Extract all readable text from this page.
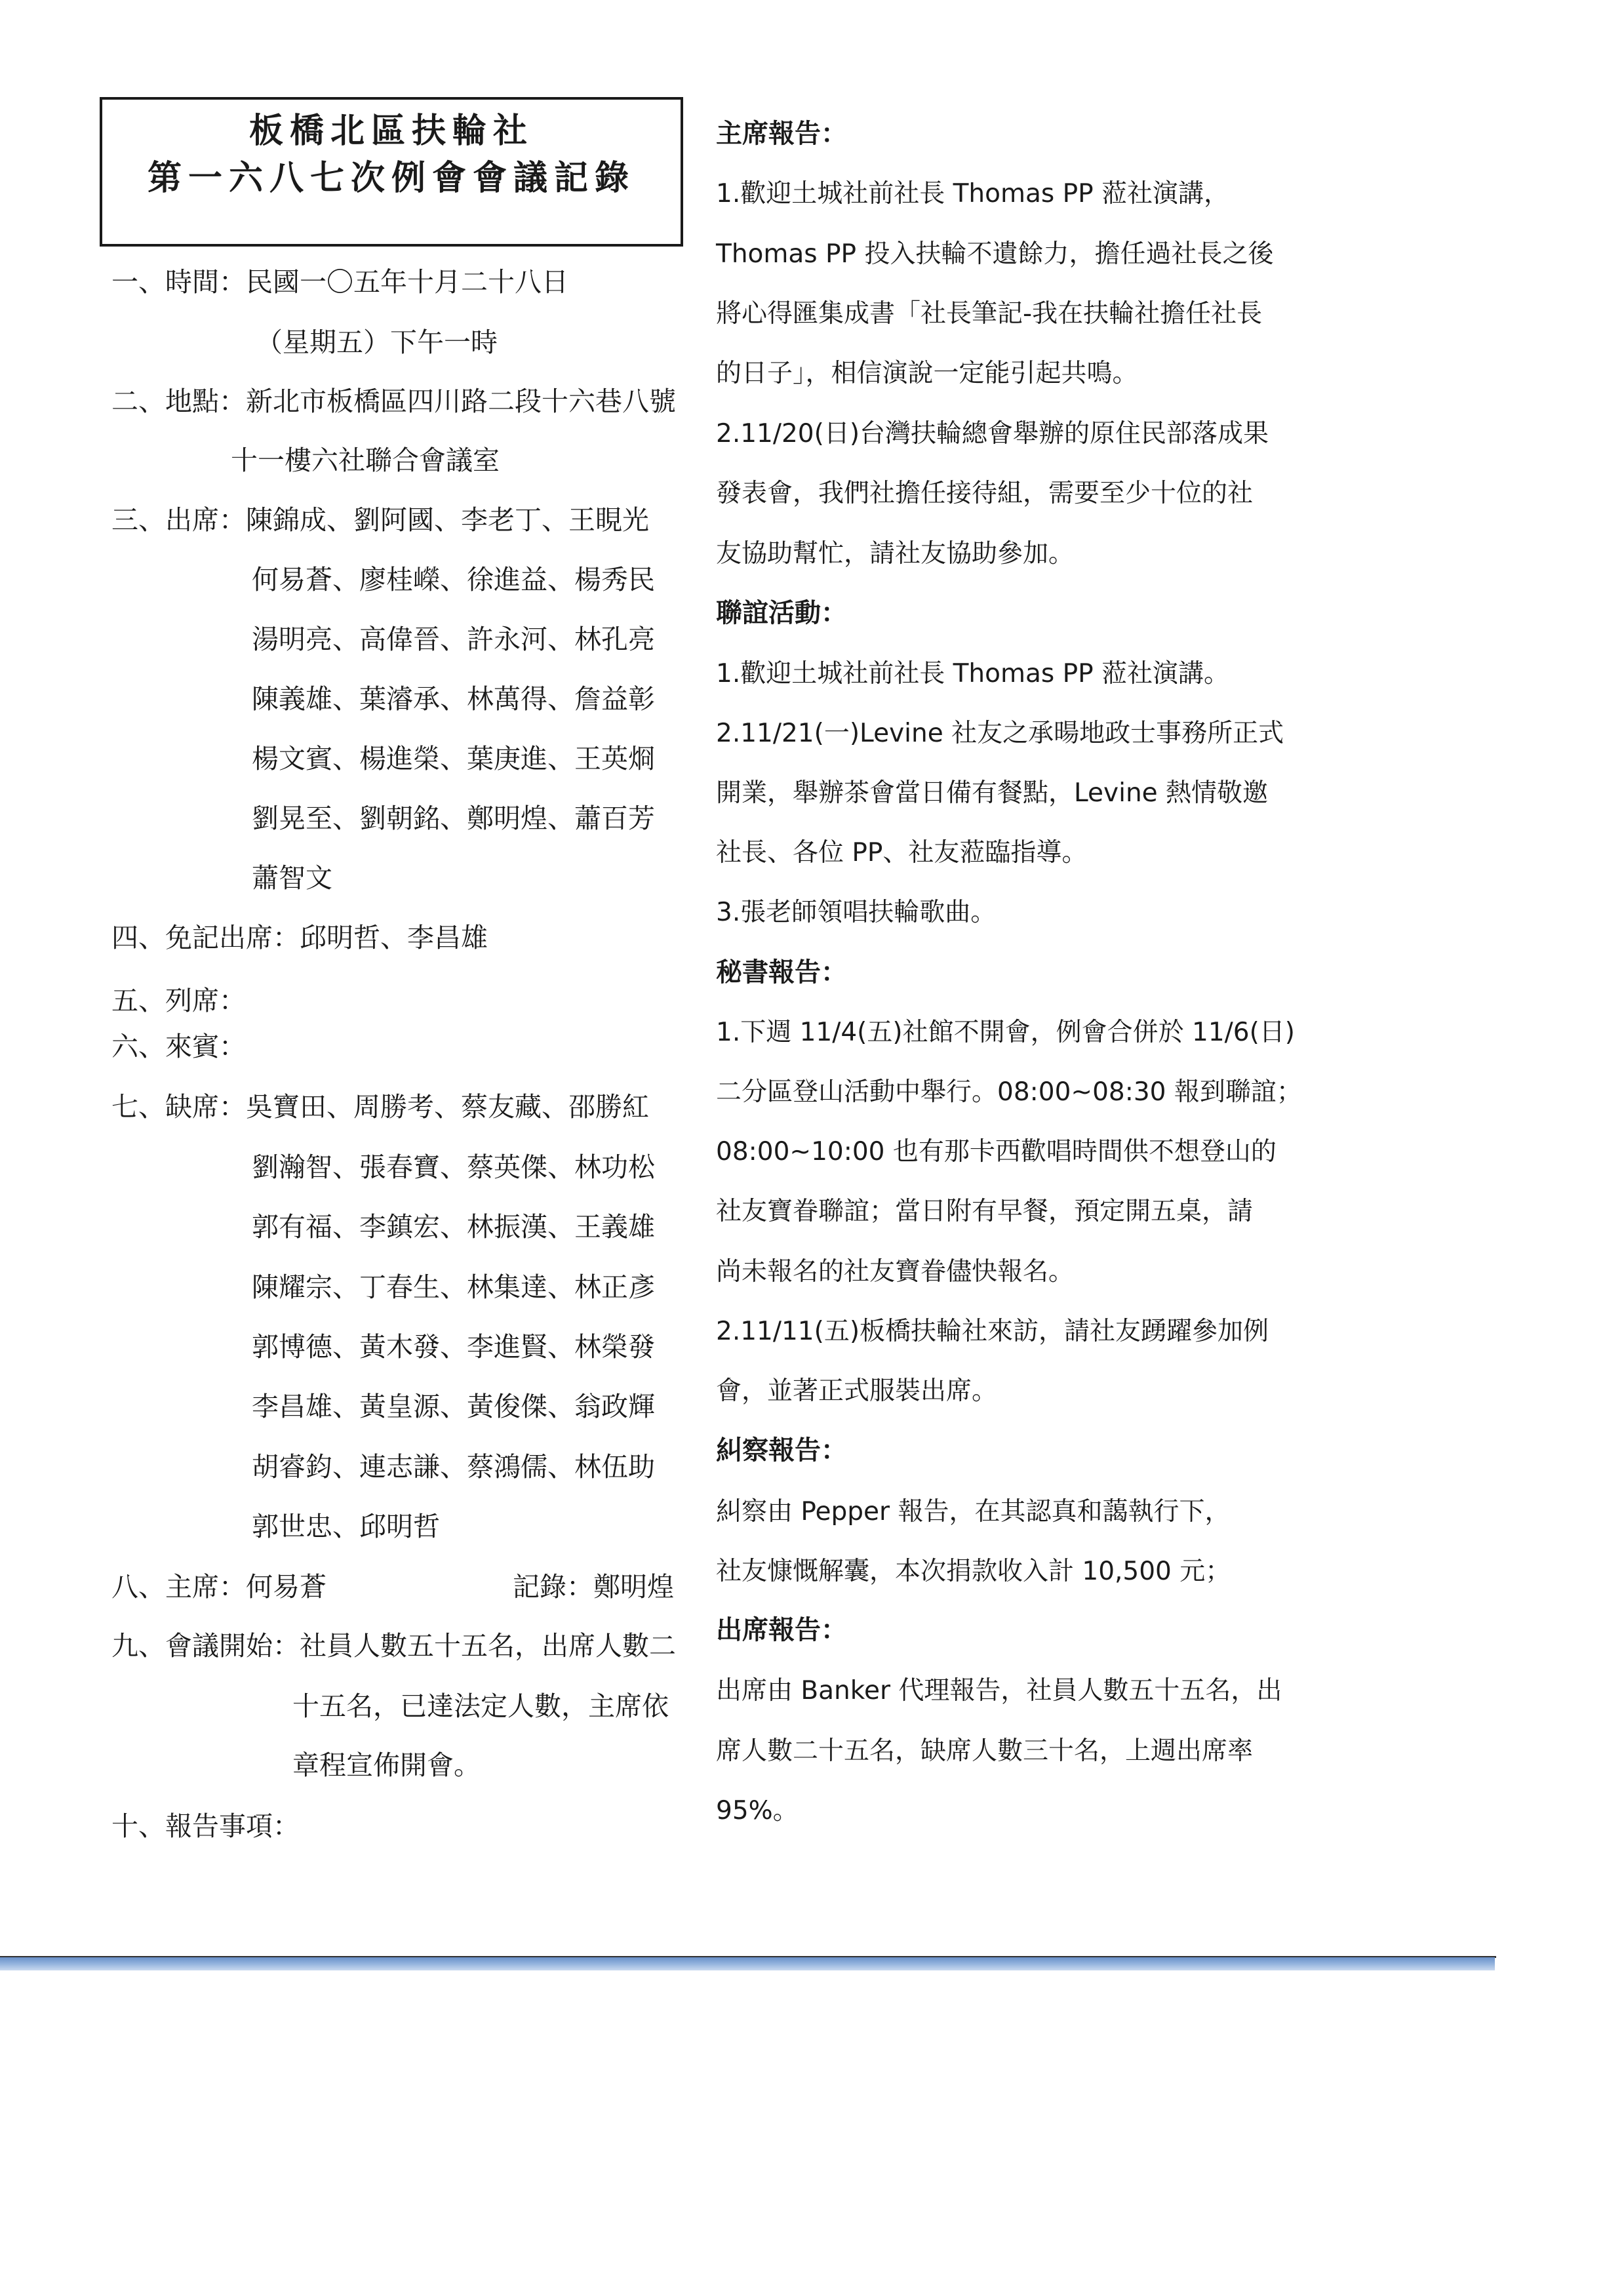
板橋北區扶輪社
第一六八七次例會會議記錄
一、時間：民國一〇五年十月二十八日
（星期五）下午一時
二、地點：新北市板橋區四川路二段十六巷八號
十一樓六社聯合會議室
三、出席：陳錦成、劉阿國、李老丁、王睍光
何易蒼、廖桂嶸、徐進益、楊秀民
湯明亮、高偉晉、許永河、林孔亮
陳義雄、葉濬承、林萬得、詹益彰
楊文賓、楊進榮、葉庚進、王英烱
劉晃至、劉朝銘、鄭明煌、蕭百芳
蕭智文
四、免記出席：邱明哲、李昌雄
五、列席：
六、來賓：
七、缺席：吳寶田、周勝考、蔡友藏、邵勝紅
劉瀚智、張春寶、蔡英傑、林功松
郭有福、李鎮宏、林振漢、王義雄
陳耀宗、丁春生、林集達、林正彥
郭博德、黃木發、李進賢、林榮發
李昌雄、黃皇源、黃俊傑、翁政輝
胡睿鈞、連志謙、蔡鴻儒、林伍助
郭世忠、邱明哲
八、主席：何易蒼	記錄：鄭明煌
九、會議開始：社員人數五十五名，出席人數二
十五名，已達法定人數，主席依
章程宣佈開會。
十、報告事項：
主席報告：
1.歡迎土城社前社長 Thomas PP 蒞社演講，
Thomas PP 投入扶輪不遺餘力，擔任過社長之後
將心得匯集成書「社長筆記-我在扶輪社擔任社長
的日子」，相信演說一定能引起共鳴。
2.11/20(日)台灣扶輪總會舉辦的原住民部落成果
發表會，我們社擔任接待組，需要至少十位的社
友協助幫忙，請社友協助參加。
聯誼活動：
1.歡迎土城社前社長 Thomas PP 蒞社演講。
2.11/21(一)Levine 社友之承暘地政士事務所正式
開業，舉辦茶會當日備有餐點，Levine 熱情敬邀
社長、各位 PP、社友蒞臨指導。
3.張老師領唱扶輪歌曲。
秘書報告：
1.下週 11/4(五)社館不開會，例會合併於 11/6(日)
二分區登山活動中舉行。08:00~08:30 報到聯誼；
08:00~10:00 也有那卡西歡唱時間供不想登山的
社友寶眷聯誼；當日附有早餐，預定開五桌，請
尚未報名的社友寶眷儘快報名。
2.11/11(五)板橋扶輪社來訪，請社友踴躍參加例
會，並著正式服裝出席。
糾察報告：
糾察由 Pepper 報告，在其認真和藹執行下，
社友慷慨解囊，本次捐款收入計 10,500 元；
出席報告：
出席由 Banker 代理報告，社員人數五十五名，出
席人數二十五名，缺席人數三十名，上週出席率
95%。
